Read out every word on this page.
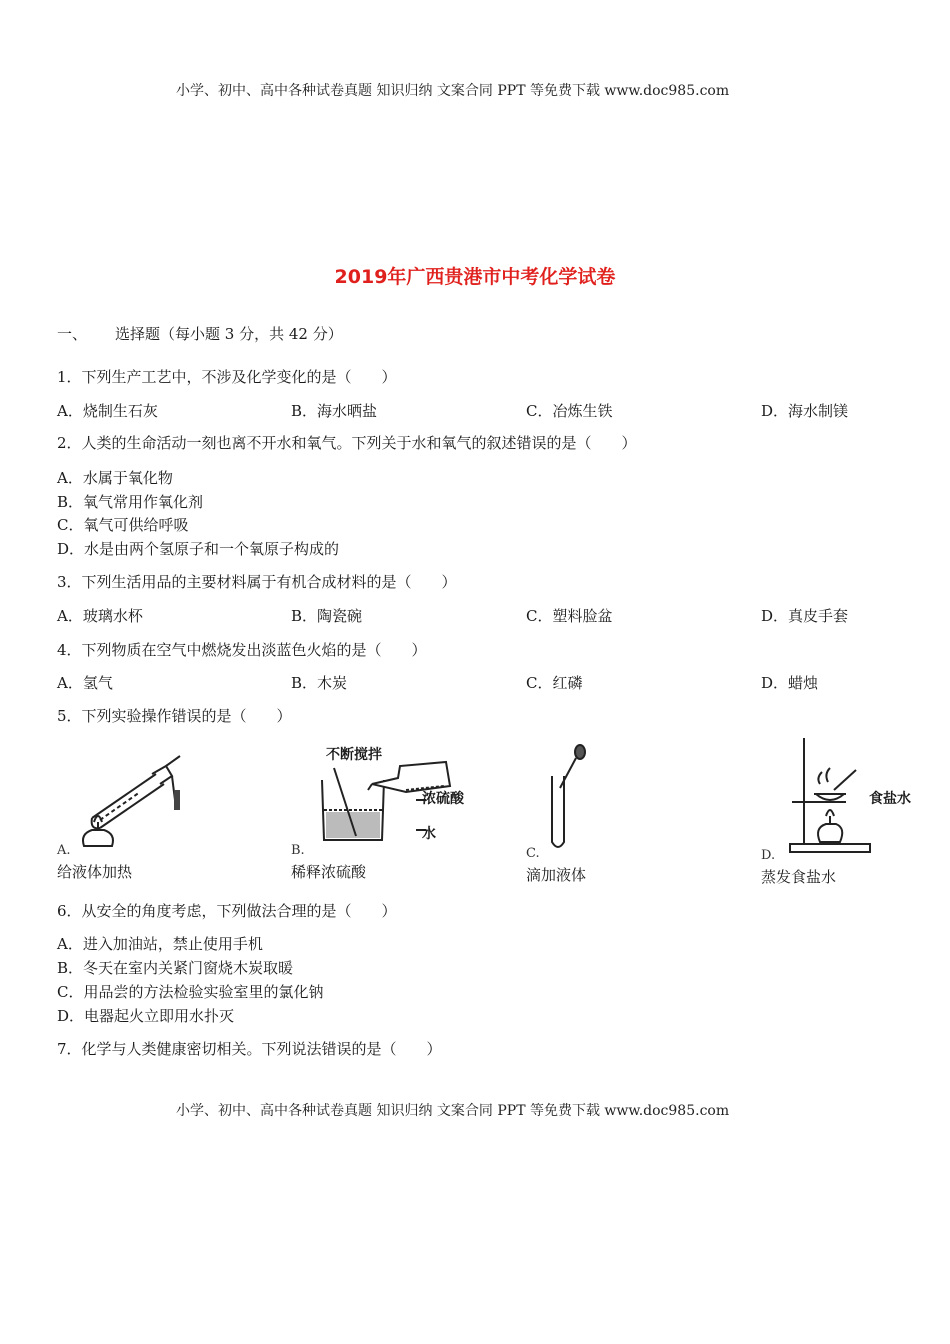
小学、初中、高中各种试卷真题 知识归纳 文案合同 PPT 等免费下载 www.doc985.com
2019年广西贵港市中考化学试卷
一、 选择题（每小题 3 分，共 42 分）
1．下列生产工艺中，不涉及化学变化的是（　　）
A．烧制生石灰	B．海水晒盐	C．冶炼生铁	D．海水制镁
2．人类的生命活动一刻也离不开水和氧气。下列关于水和氧气的叙述错误的是（　　）
A．水属于氧化物
B．氧气常用作氧化剂
C．氧气可供给呼吸
D．水是由两个氢原子和一个氧原子构成的
3．下列生活用品的主要材料属于有机合成材料的是（　　）
A．玻璃水杯	B．陶瓷碗	C．塑料脸盆	D．真皮手套
4．下列物质在空气中燃烧发出淡蓝色火焰的是（　　）
A．氢气	B．木炭	C．红磷	D．蜡烛
5．下列实验操作错误的是（　　）
A.
给液体加热
不断搅拌
浓硫酸
水
B.
稀释浓硫酸
C.
滴加液体
食盐水
D.
蒸发食盐水
6．从安全的角度考虑，下列做法合理的是（　　）
A．进入加油站，禁止使用手机
B．冬天在室内关紧门窗烧木炭取暖
C．用品尝的方法检验实验室里的氯化钠
D．电器起火立即用水扑灭
7．化学与人类健康密切相关。下列说法错误的是（　　）
小学、初中、高中各种试卷真题 知识归纳 文案合同 PPT 等免费下载 www.doc985.com
